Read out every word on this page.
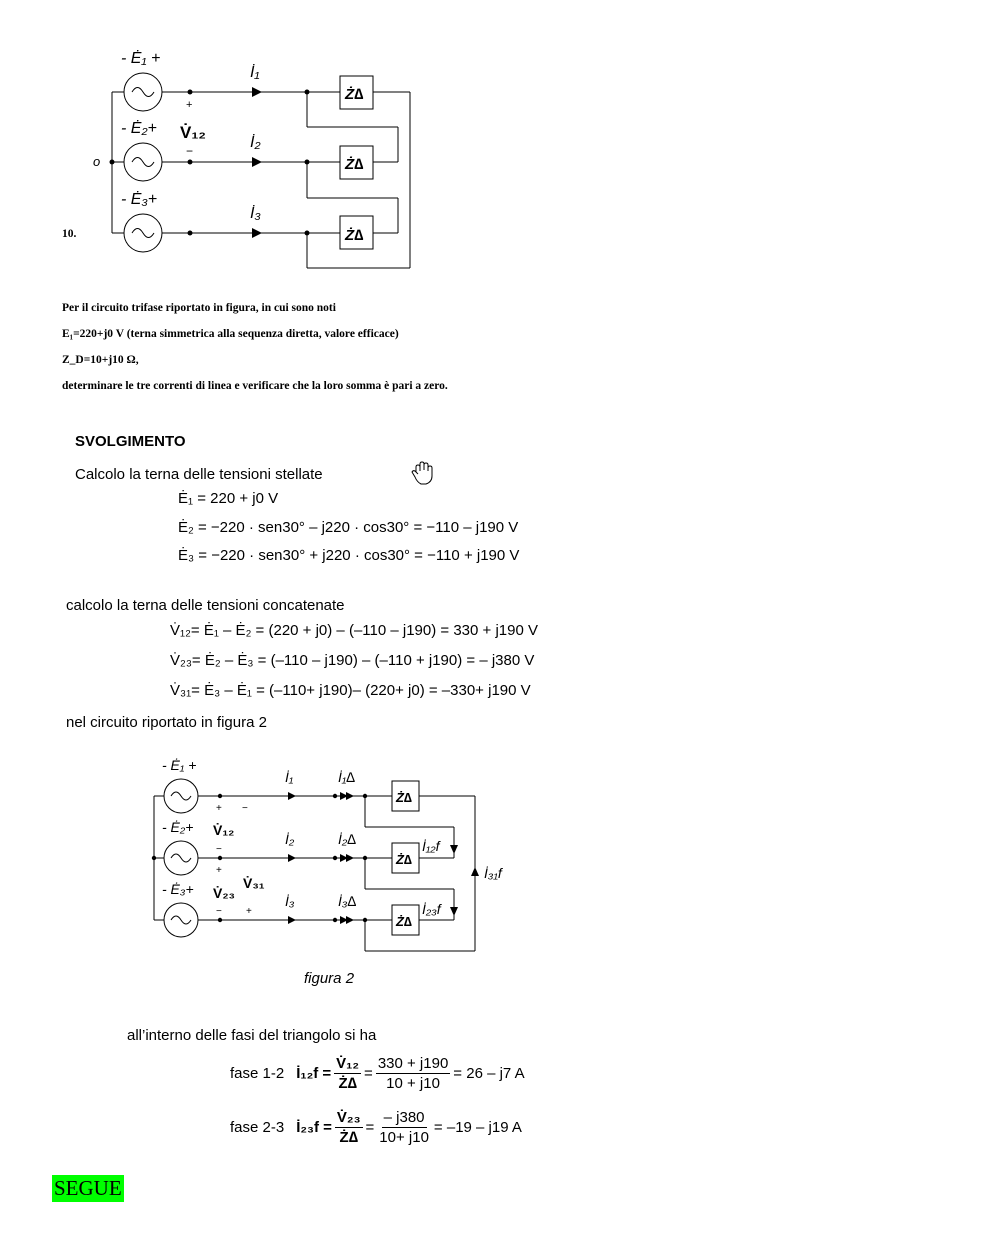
- Ė₁ +
- Ė₂+
- Ė₃+
o
İ₁
İ₂
İ₃
+
−
V̇₁₂
Ż∆
Ż∆
Ż∆
10.
Per il circuito trifase riportato in figura, in cui sono noti
E₁=220+j0 V (terna simmetrica alla sequenza diretta, valore efficace)
Z_D=10+j10 Ω,
determinare le tre correnti di linea e verificare che la loro somma è pari a zero.
SVOLGIMENTO
Calcolo la terna delle tensioni stellate
Ė₁ = 220 + j0 V
Ė₂ = −220 · sen30° – j220 · cos30° = −110 – j190 V
Ė₃ = −220 · sen30° + j220 · cos30° = −110 + j190 V
calcolo la terna delle tensioni concatenate
V̇₁₂= Ė₁ – Ė₂ = (220 + j0) – (–110 – j190) = 330 + j190 V
V̇₂₃= Ė₂ – Ė₃ = (–110 – j190) – (–110 + j190) = – j380 V
V̇₃₁= Ė₃ – Ė₁ = (–110+ j190)– (220+ j0) = –330+ j190 V
nel circuito riportato in figura 2
- Ė₁ +
- Ė₂+
- Ė₃+
İ₁
İ₂
İ₃
İ₁∆
İ₂∆
İ₃∆
İ₁₂f
İ₂₃f
İ₃₁f
+ −
−
+
− +
V̇₁₂
V̇₂₃
V̇₃₁
Ż∆
Ż∆
Ż∆
figura 2
all’interno delle fasi del triangolo si ha
fase 1-2 İ₁₂f = $\frac{\text{V̇₁₂}}{Ż\Delta} = \frac{330 + j190}{10 + j10} = 26 - j7$ A
fase 2-3 İ₂₃f = $\frac{\text{V̇₂₃}}{Ż\Delta} = \frac{- j380}{10+ j10} = -19 - j19$ A
SEGUE
